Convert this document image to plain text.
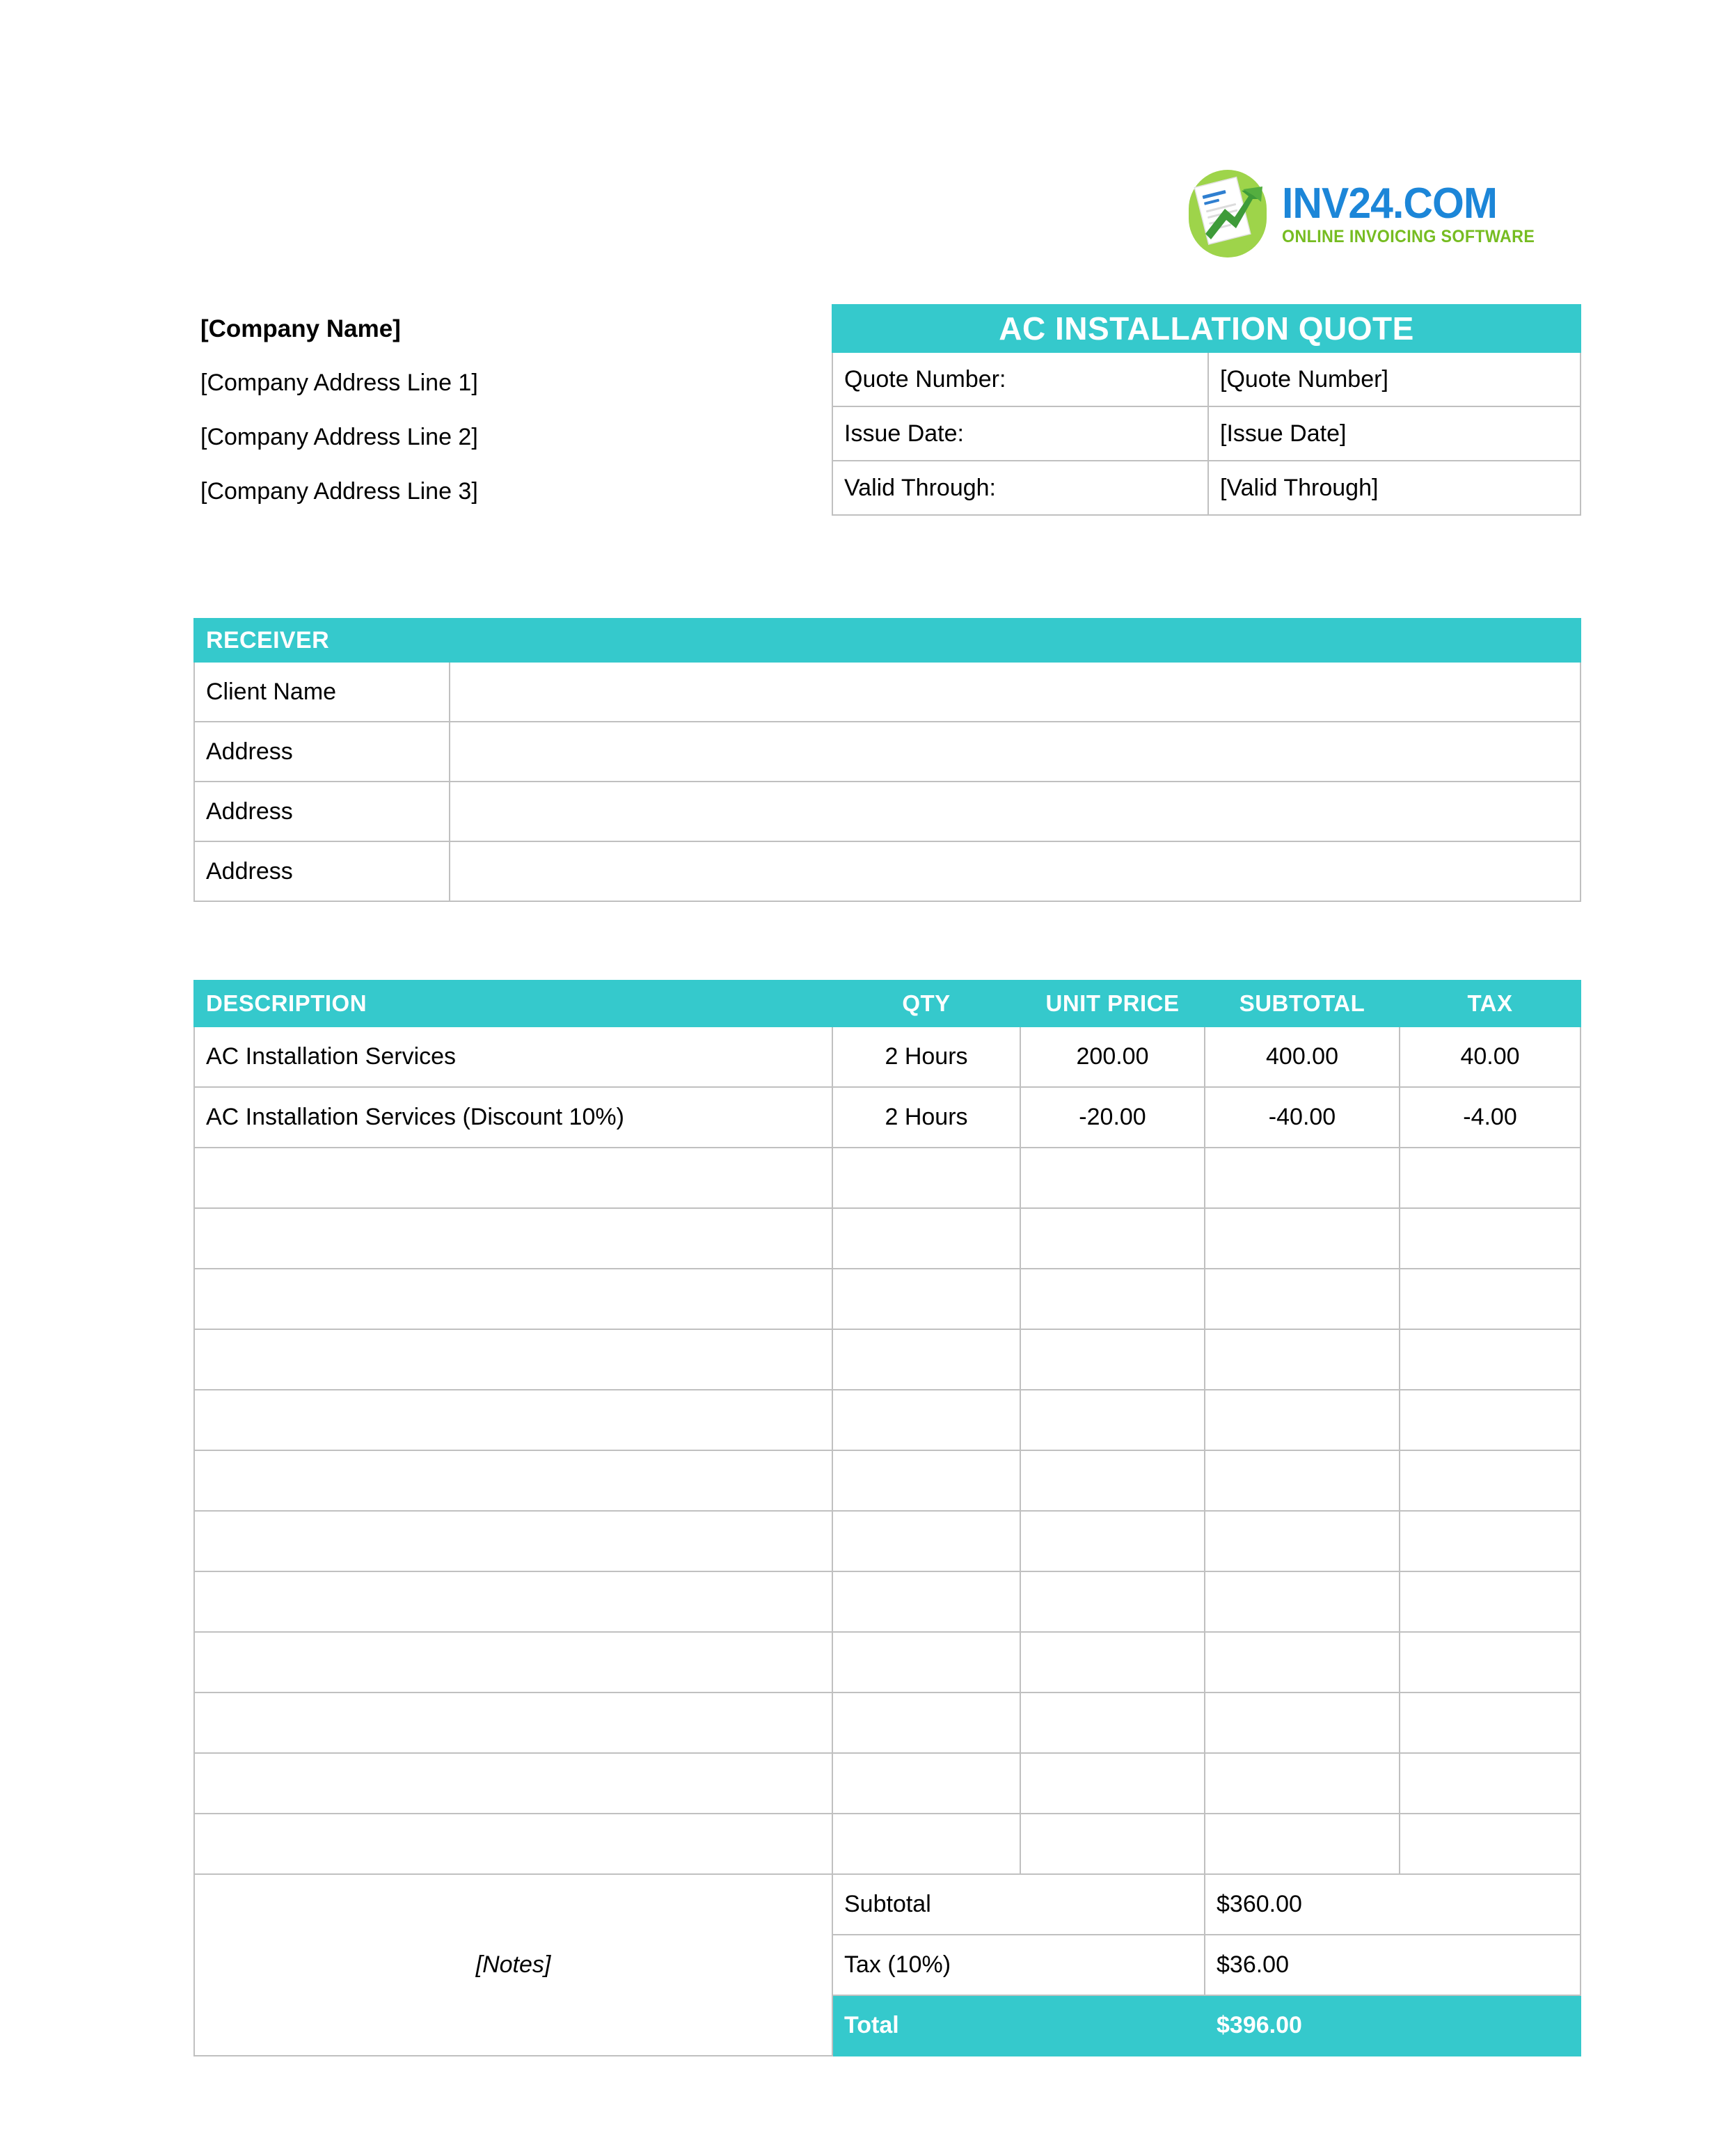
INV24.COM
ONLINE INVOICING SOFTWARE
[Company Name]
[Company Address Line 1]
[Company Address Line 2]
[Company Address Line 3]
AC INSTALLATION QUOTE	
Quote Number:	[Quote Number]
Issue Date:	[Issue Date]
Valid Through:	[Valid Through]
RECEIVER	
Client Name	
Address	
Address	
Address	
DESCRIPTION	QTY	UNIT PRICE	SUBTOTAL	TAX
AC Installation Services	2 Hours	200.00	400.00	40.00
AC Installation Services (Discount 10%)	2 Hours	-20.00	-40.00	-4.00

[Notes]	Subtotal		$360.00	
	Tax (10%)		$36.00	
	Total		$396.00	
